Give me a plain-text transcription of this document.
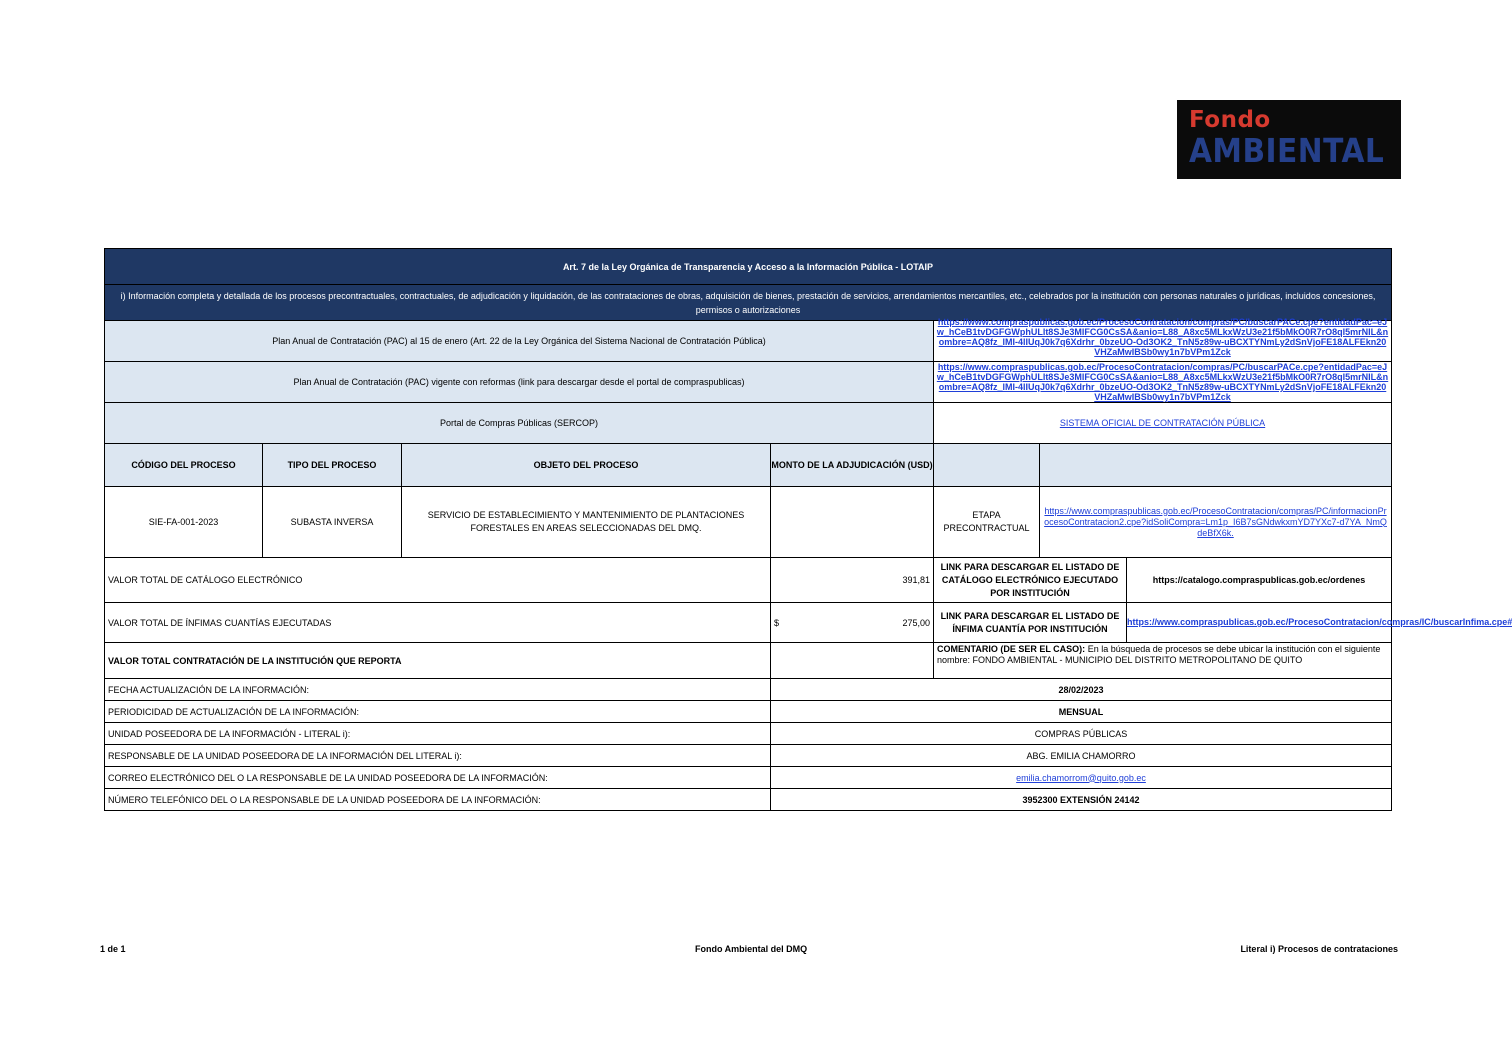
Fondo
AMBIENTAL
Art. 7 de la Ley Orgánica de Transparencia y Acceso a la Información Pública - LOTAIP						
i) Información completa y detallada de los procesos precontractuales, contractuales, de adjudicación y liquidación, de las contrataciones de obras, adquisición de bienes, prestación de servicios, arrendamientos mercantiles, etc., celebrados por la institución con personas naturales o jurídicas, incluidos concesiones, permisos o autorizaciones						
Plan Anual de Contratación (PAC) al 15 de enero (Art. 22 de la Ley Orgánica del Sistema Nacional de Contratación Pública)				https://www.compraspublicas.gob.ec/ProcesoContratacion/compras/PC/buscarPACe.cpe?entidadPac=eJw_hCeB1tvDGFGWphULlt8SJe3MlFCG0CsSA&anio=L88_A8xc5MLkxWzU3e21f5bMkO0R7rO8ql5mrNlL&nombre=AQ8fz_lMI-4lIUqJ0k7q6Xdrhr_0bzeUO-Od3OK2_TnN5z89w-uBCXTYNmLy2dSnVjoFE18ALFEkn20VHZaMwIBSb0wy1n7bVPm1Zck		

Plan Anual de Contratación (PAC) vigente con reformas (link para descargar desde el portal de compraspublicas)				https://www.compraspublicas.gob.ec/ProcesoContratacion/compras/PC/buscarPACe.cpe?entidadPac=eJw_hCeB1tvDGFGWphULlt8SJe3MlFCG0CsSA&anio=L88_A8xc5MLkxWzU3e21f5bMkO0R7rO8ql5mrNlL&nombre=AQ8fz_lMI-4lIUqJ0k7q6Xdrhr_0bzeUO-Od3OK2_TnN5z89w-uBCXTYNmLy2dSnVjoFE18ALFEkn20VHZaMwIBSb0wy1n7bVPm1Zck		

Portal de Compras Públicas (SERCOP)				SISTEMA OFICIAL DE CONTRATACIÓN PÚBLICA		
CÓDIGO DEL PROCESO	TIPO DEL PROCESO	OBJETO DEL PROCESO	MONTO DE LA ADJUDICACIÓN (USD)			
SIE-FA-001-2023	SUBASTA INVERSA	SERVICIO DE ESTABLECIMIENTO Y MANTENIMIENTO DE PLANTACIONES FORESTALES EN AREAS SELECCIONADAS DEL DMQ.		ETAPA PRECONTRACTUAL	https://www.compraspublicas.gob.ec/ProcesoContratacion/compras/PC/informacionProcesoContratacion2.cpe?idSoliCompra=Lm1p_I6B7sGNdwkxmYD7YXc7-d7YA_NmQdeBfX6k.	
VALOR TOTAL DE CATÁLOGO ELECTRÓNICO			391,81	LINK PARA DESCARGAR EL LISTADO DE CATÁLOGO ELECTRÓNICO EJECUTADO POR INSTITUCIÓN		https://catalogo.compraspublicas.gob.ec/ordenes
VALOR TOTAL DE ÍNFIMAS CUANTÍAS EJECUTADAS			$ 275,00	LINK PARA DESCARGAR EL LISTADO DE ÍNFIMA CUANTÍA POR INSTITUCIÓN		https://www.compraspublicas.gob.ec/ProcesoContratacion/compras/IC/buscarInfima.cpe#
VALOR TOTAL CONTRATACIÓN DE LA INSTITUCIÓN QUE REPORTA				COMENTARIO (DE SER EL CASO): En la búsqueda de procesos se debe ubicar la institución con el siguiente nombre: FONDO AMBIENTAL - MUNICIPIO DEL DISTRITO METROPOLITANO DE QUITO		
FECHA ACTUALIZACIÓN DE LA INFORMACIÓN:			28/02/2023			
PERIODICIDAD DE ACTUALIZACIÓN DE LA INFORMACIÓN:			MENSUAL			
UNIDAD POSEEDORA DE LA INFORMACIÓN - LITERAL i):			COMPRAS PÚBLICAS			
RESPONSABLE DE LA UNIDAD POSEEDORA DE LA INFORMACIÓN DEL LITERAL i):			ABG. EMILIA CHAMORRO			
CORREO ELECTRÓNICO DEL O LA RESPONSABLE DE LA UNIDAD POSEEDORA DE LA INFORMACIÓN:			emilia.chamorrom@quito.gob.ec			
NÚMERO TELEFÓNICO DEL O LA RESPONSABLE DE LA UNIDAD POSEEDORA DE LA INFORMACIÓN:			3952300 EXTENSIÓN 24142			
1 de 1	Fondo Ambiental del DMQ	Literal i) Procesos de contrataciones
